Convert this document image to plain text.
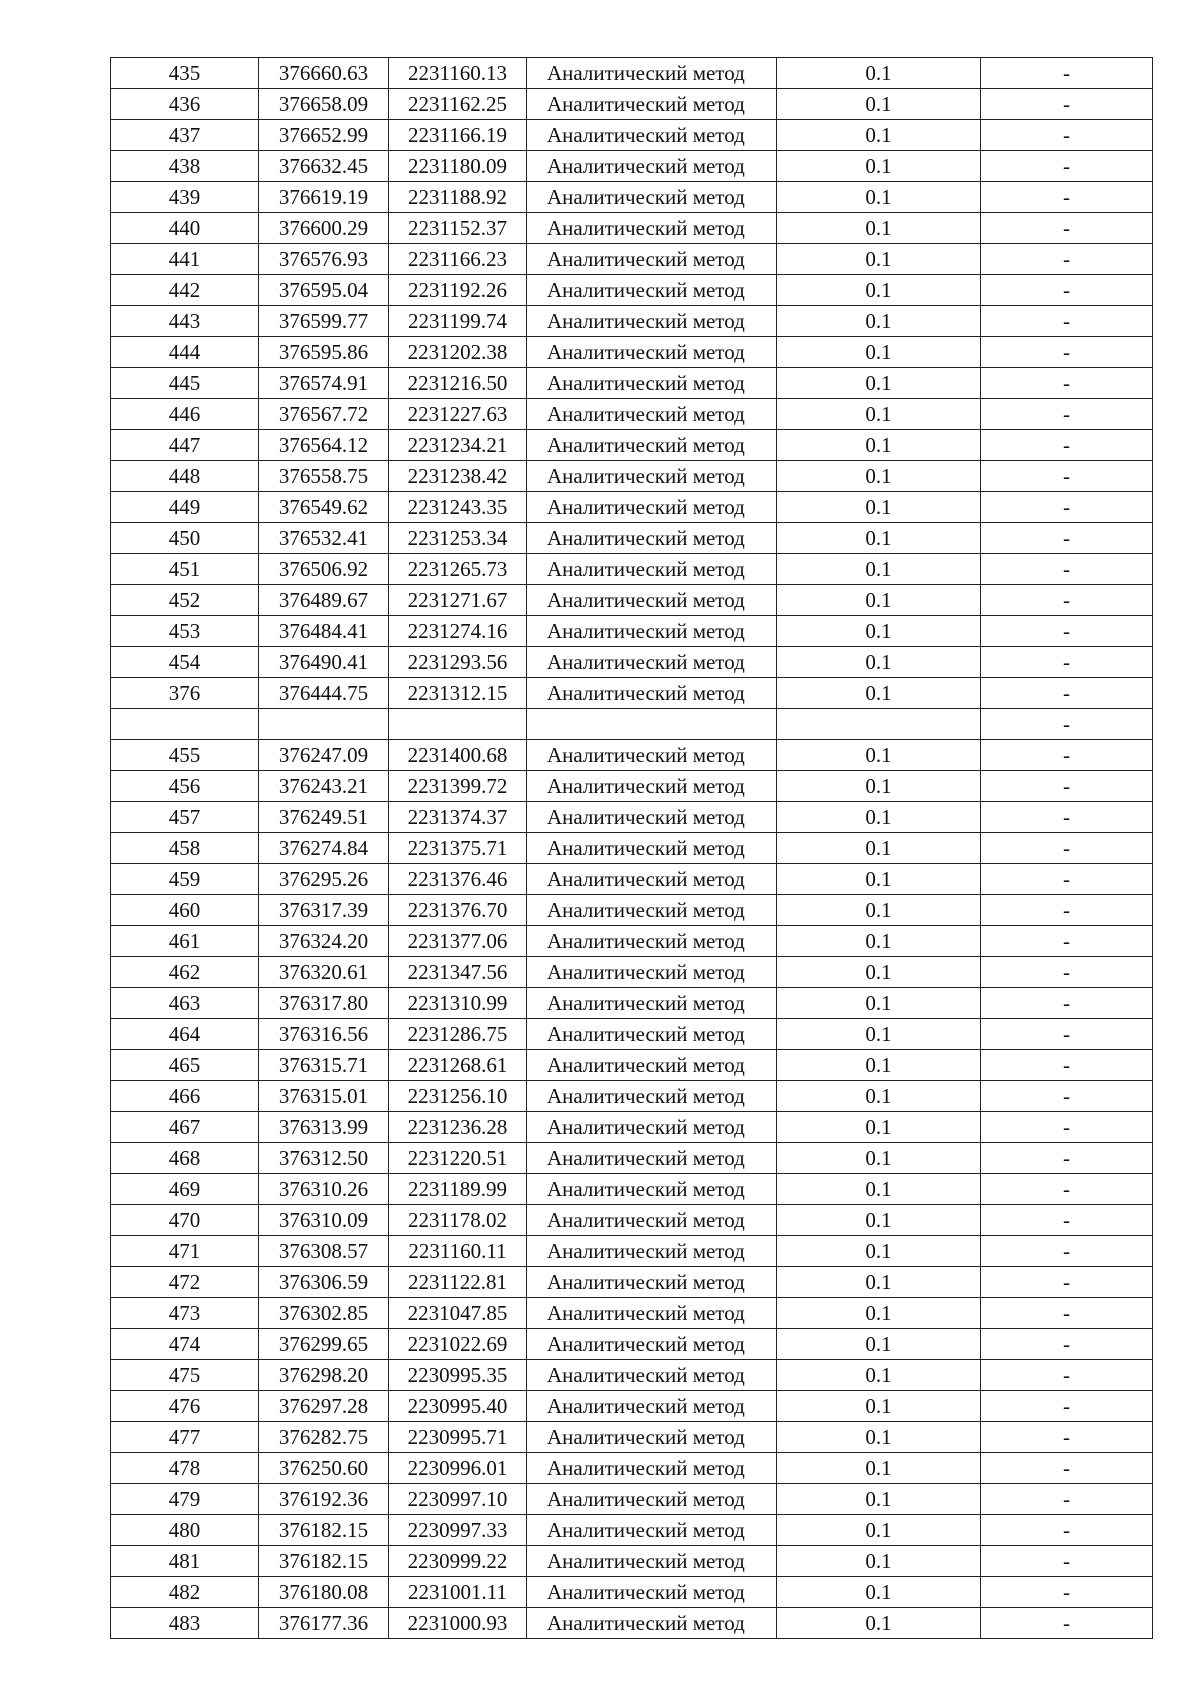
435	376660.63	2231160.13	Аналитический метод	0.1	-
436	376658.09	2231162.25	Аналитический метод	0.1	-
437	376652.99	2231166.19	Аналитический метод	0.1	-
438	376632.45	2231180.09	Аналитический метод	0.1	-
439	376619.19	2231188.92	Аналитический метод	0.1	-
440	376600.29	2231152.37	Аналитический метод	0.1	-
441	376576.93	2231166.23	Аналитический метод	0.1	-
442	376595.04	2231192.26	Аналитический метод	0.1	-
443	376599.77	2231199.74	Аналитический метод	0.1	-
444	376595.86	2231202.38	Аналитический метод	0.1	-
445	376574.91	2231216.50	Аналитический метод	0.1	-
446	376567.72	2231227.63	Аналитический метод	0.1	-
447	376564.12	2231234.21	Аналитический метод	0.1	-
448	376558.75	2231238.42	Аналитический метод	0.1	-
449	376549.62	2231243.35	Аналитический метод	0.1	-
450	376532.41	2231253.34	Аналитический метод	0.1	-
451	376506.92	2231265.73	Аналитический метод	0.1	-
452	376489.67	2231271.67	Аналитический метод	0.1	-
453	376484.41	2231274.16	Аналитический метод	0.1	-
454	376490.41	2231293.56	Аналитический метод	0.1	-
376	376444.75	2231312.15	Аналитический метод	0.1	-
					-
455	376247.09	2231400.68	Аналитический метод	0.1	-
456	376243.21	2231399.72	Аналитический метод	0.1	-
457	376249.51	2231374.37	Аналитический метод	0.1	-
458	376274.84	2231375.71	Аналитический метод	0.1	-
459	376295.26	2231376.46	Аналитический метод	0.1	-
460	376317.39	2231376.70	Аналитический метод	0.1	-
461	376324.20	2231377.06	Аналитический метод	0.1	-
462	376320.61	2231347.56	Аналитический метод	0.1	-
463	376317.80	2231310.99	Аналитический метод	0.1	-
464	376316.56	2231286.75	Аналитический метод	0.1	-
465	376315.71	2231268.61	Аналитический метод	0.1	-
466	376315.01	2231256.10	Аналитический метод	0.1	-
467	376313.99	2231236.28	Аналитический метод	0.1	-
468	376312.50	2231220.51	Аналитический метод	0.1	-
469	376310.26	2231189.99	Аналитический метод	0.1	-
470	376310.09	2231178.02	Аналитический метод	0.1	-
471	376308.57	2231160.11	Аналитический метод	0.1	-
472	376306.59	2231122.81	Аналитический метод	0.1	-
473	376302.85	2231047.85	Аналитический метод	0.1	-
474	376299.65	2231022.69	Аналитический метод	0.1	-
475	376298.20	2230995.35	Аналитический метод	0.1	-
476	376297.28	2230995.40	Аналитический метод	0.1	-
477	376282.75	2230995.71	Аналитический метод	0.1	-
478	376250.60	2230996.01	Аналитический метод	0.1	-
479	376192.36	2230997.10	Аналитический метод	0.1	-
480	376182.15	2230997.33	Аналитический метод	0.1	-
481	376182.15	2230999.22	Аналитический метод	0.1	-
482	376180.08	2231001.11	Аналитический метод	0.1	-
483	376177.36	2231000.93	Аналитический метод	0.1	-
